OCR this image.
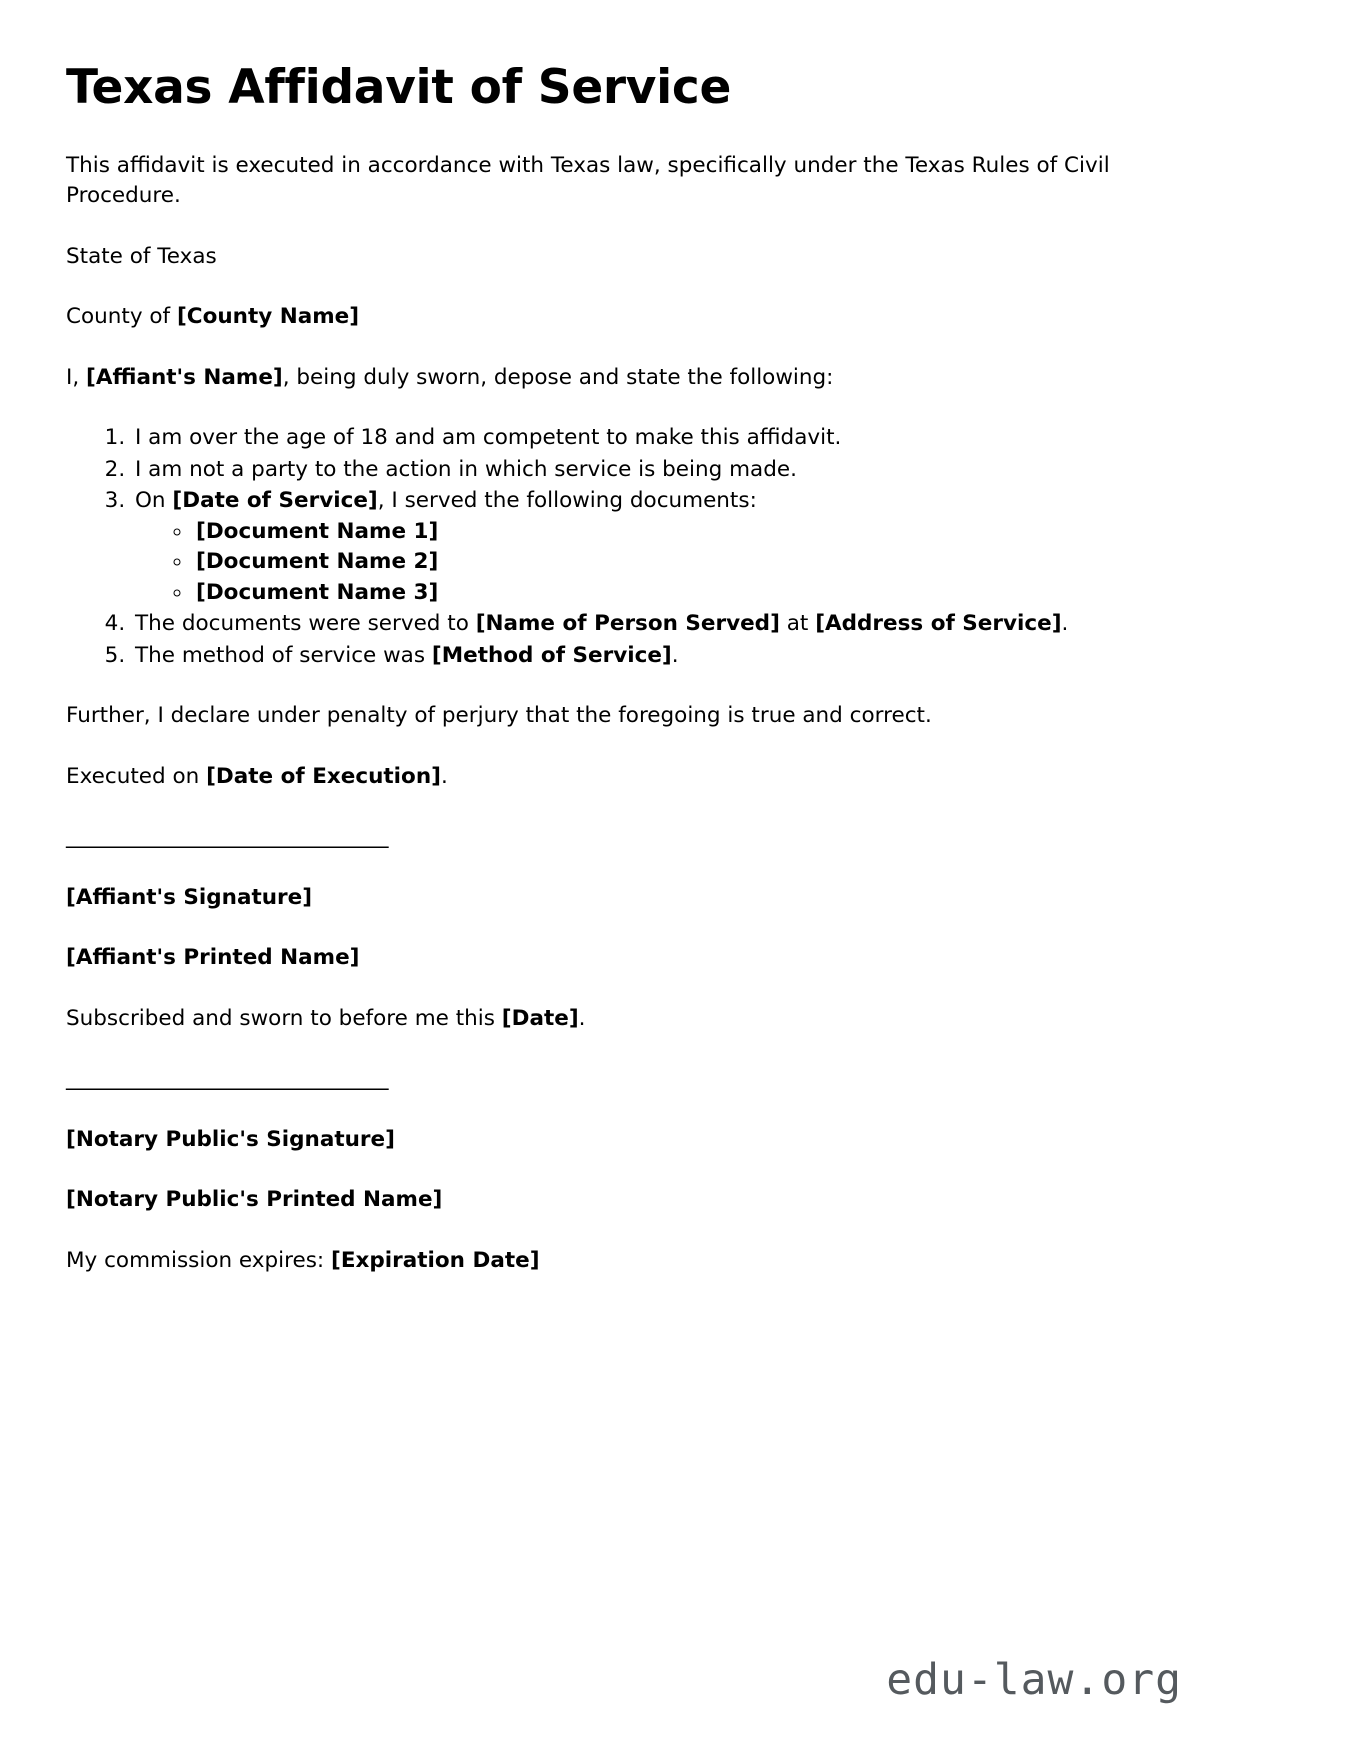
Texas Affidavit of Service

This affidavit is executed in accordance with Texas law, specifically under the Texas Rules of Civil Procedure.

State of Texas

County of [County Name]

I, [Affiant's Name], being duly sworn, depose and state the following:

1. I am over the age of 18 and am competent to make this affidavit.
2. I am not a party to the action in which service is being made.
3. On [Date of Service], I served the following documents:
◦ [Document Name 1]
◦ [Document Name 2]
◦ [Document Name 3]
4. The documents were served to [Name of Person Served] at [Address of Service].
5. The method of service was [Method of Service].

Further, I declare under penalty of perjury that the foregoing is true and correct.

Executed on [Date of Execution].

______________________________

[Affiant's Signature]

[Affiant's Printed Name]

Subscribed and sworn to before me this [Date].

______________________________

[Notary Public's Signature]

[Notary Public's Printed Name]

My commission expires: [Expiration Date]

edu-law.org
